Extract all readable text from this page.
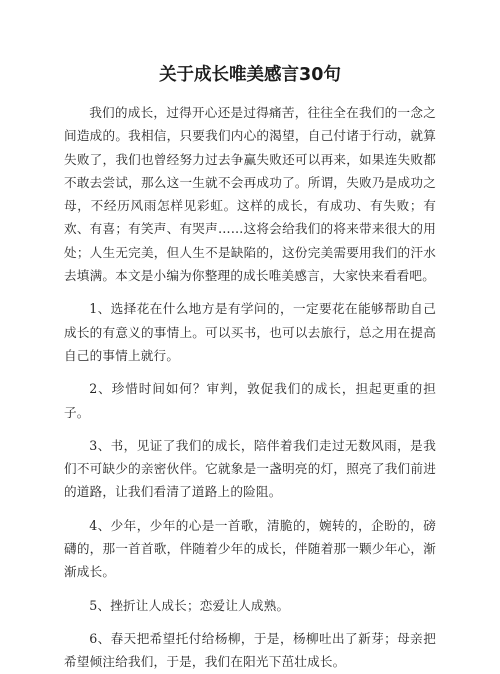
关于成长唯美感言30句

我们的成长，过得开心还是过得痛苦，往往全在我们的一念之间造成的。我相信，只要我们内心的渴望，自己付诸于行动，就算失败了，我们也曾经努力过去争赢失败还可以再来，如果连失败都不敢去尝试，那么这一生就不会再成功了。所谓，失败乃是成功之母，不经历风雨怎样见彩虹。这样的成长，有成功、有失败；有欢、有喜；有笑声、有哭声……这将会给我们的将来带来很大的用处；人生无完美，但人生不是缺陷的，这份完美需要用我们的汗水去填满。本文是小编为你整理的成长唯美感言，大家快来看看吧。

1、选择花在什么地方是有学问的，一定要花在能够帮助自己成长的有意义的事情上。可以买书，也可以去旅行，总之用在提高自己的事情上就行。

2、珍惜时间如何？审判，敦促我们的成长，担起更重的担子。

3、书，见证了我们的成长，陪伴着我们走过无数风雨，是我们不可缺少的亲密伙伴。它就象是一盏明亮的灯，照亮了我们前进的道路，让我们看清了道路上的险阻。

4、少年，少年的心是一首歌，清脆的，婉转的，企盼的，磅礴的，那一首首歌，伴随着少年的成长，伴随着那一颗少年心，渐渐成长。

5、挫折让人成长；恋爱让人成熟。

6、春天把希望托付给杨柳，于是，杨柳吐出了新芽；母亲把希望倾注给我们，于是，我们在阳光下茁壮成长。
